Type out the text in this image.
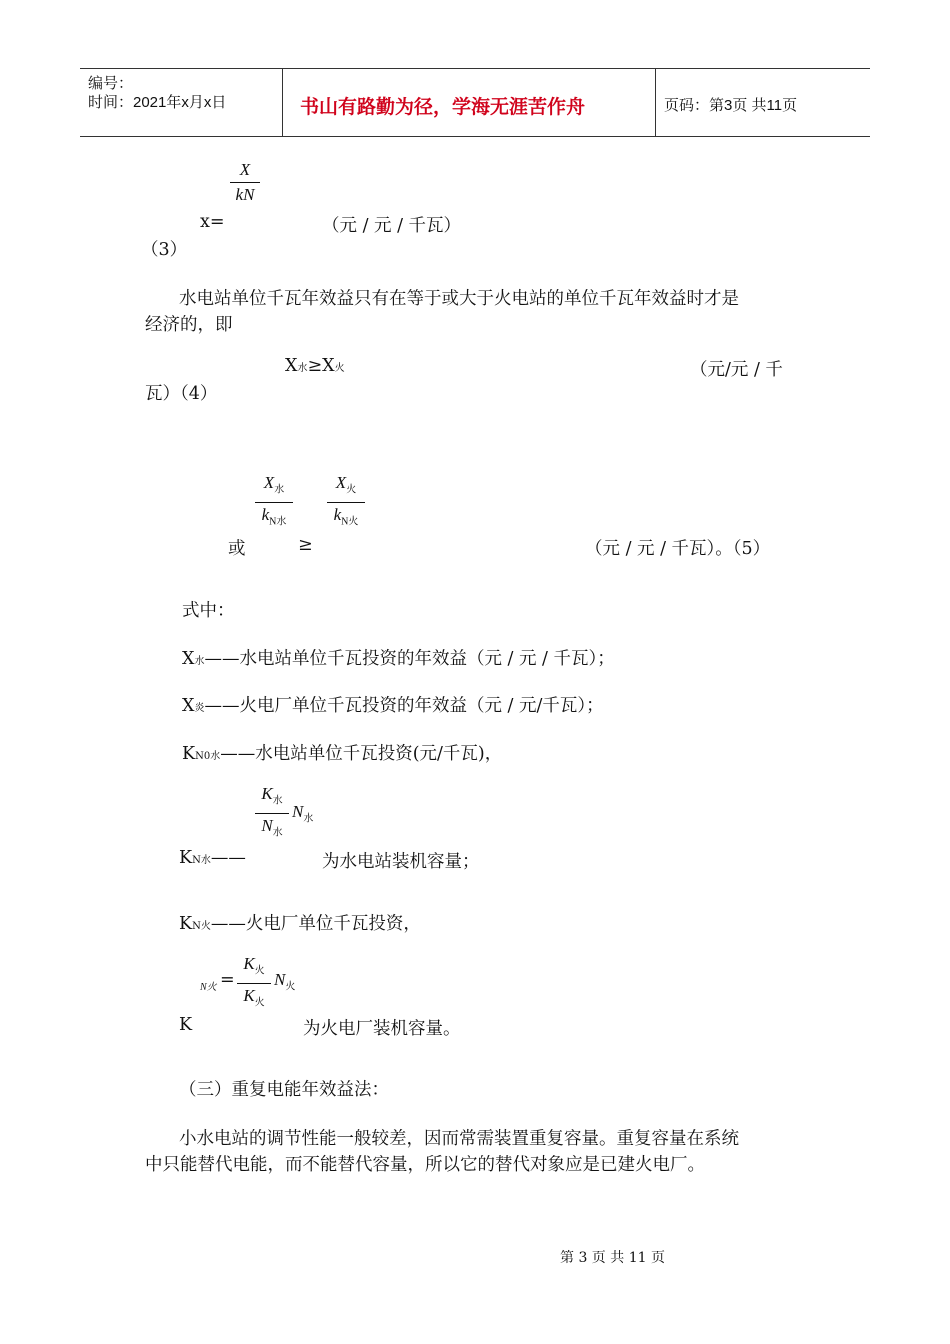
编号：
时间：2021年x月x日	书山有路勤为径，学海无涯苦作舟	页码：第3页 共11页
X
kN
x=	（元 / 元 / 千瓦）
（3）
水电站单位千瓦年效益只有在等于或大于火电站的单位千瓦年效益时才是
经济的，即
X水≥X火	（元/元 / 千
瓦）（4）
$X_水$
$k_{N水}$
$X_火$
$k_{N火}$
或	≥	（元 / 元 / 千瓦）。（5）
式中：
X水——水电站单位千瓦投资的年效益（元 / 元 / 千瓦）；
X炎——火电厂单位千瓦投资的年效益（元 / 元/千瓦）；
KN0水——水电站单位千瓦投资(元/千瓦)，
$K_水$
$N_水$
$N_水$
KN水——	为水电站装机容量；
KN火——火电厂单位千瓦投资，
N火 =
$K_火$
$K_火$
$N_火$
K	为火电厂装机容量。
（三）重复电能年效益法：
小水电站的调节性能一般较差，因而常需装置重复容量。重复容量在系统
中只能替代电能，而不能替代容量，所以它的替代对象应是已建火电厂。
第 3 页 共 11 页
